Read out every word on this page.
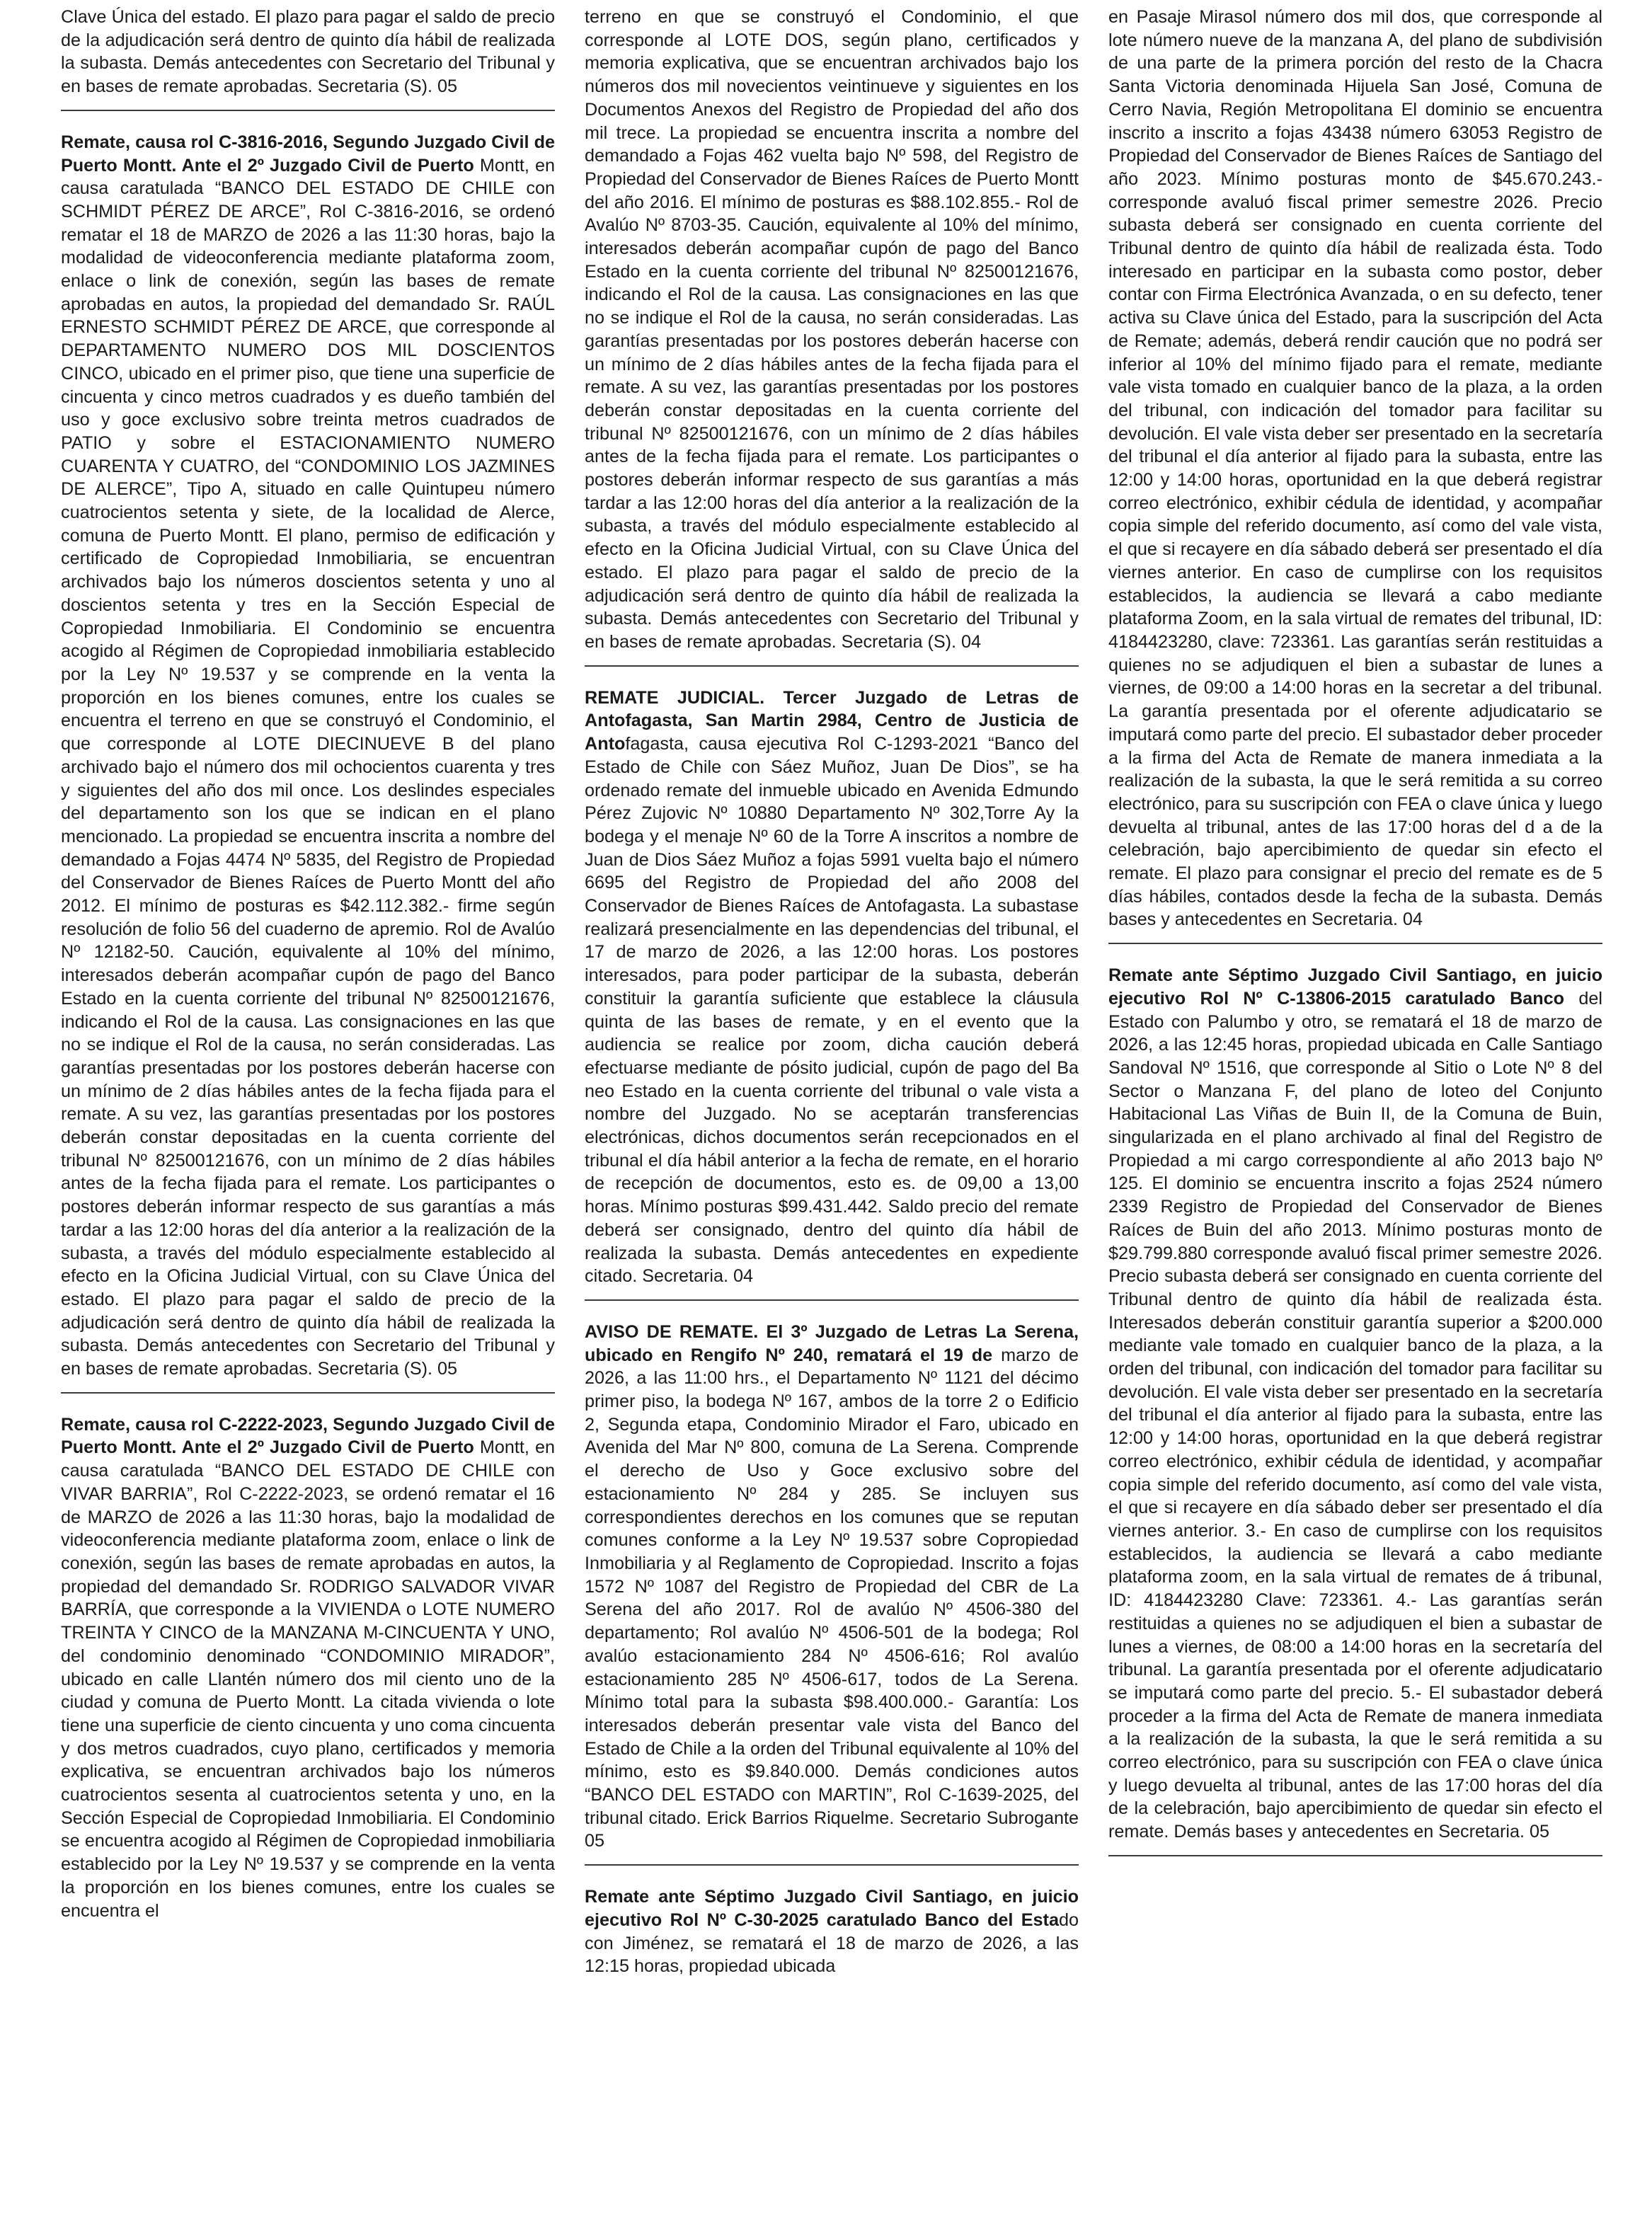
Clave Única del estado. El plazo para pagar el saldo de precio de la adjudicación será dentro de quinto día hábil de realizada la subasta. Demás antecedentes con Secretario del Tribunal y en bases de remate aprobadas. Secretaria (S). 05
Remate, causa rol C-3816-2016, Segundo Juzgado Civil de Puerto Montt. Ante el 2º Juzgado Civil de Puerto Montt, en causa caratulada “BANCO DEL ESTADO DE CHILE con SCHMIDT PÉREZ DE ARCE”, Rol C-3816-2016, se ordenó rematar el 18 de MARZO de 2026 a las 11:30 horas, bajo la modalidad de videoconferencia mediante plataforma zoom, enlace o link de conexión, según las bases de remate aprobadas en autos, la propiedad del demandado Sr. RAÚL ERNESTO SCHMIDT PÉREZ DE ARCE, que corresponde al DEPARTAMENTO NUMERO DOS MIL DOSCIENTOS CINCO, ubicado en el primer piso, que tiene una superficie de cincuenta y cinco metros cuadrados y es dueño también del uso y goce exclusivo sobre treinta metros cuadrados de PATIO y sobre el ESTACIONAMIENTO NUMERO CUARENTA Y CUATRO, del “CONDOMINIO LOS JAZMINES DE ALERCE”, Tipo A, situado en calle Quintupeu número cuatrocientos setenta y siete, de la localidad de Alerce, comuna de Puerto Montt. El plano, permiso de edificación y certificado de Copropiedad Inmobiliaria, se encuentran archivados bajo los números doscientos setenta y uno al doscientos setenta y tres en la Sección Especial de Copropiedad Inmobiliaria. El Condominio se encuentra acogido al Régimen de Copropiedad inmobiliaria establecido por la Ley Nº 19.537 y se comprende en la venta la proporción en los bienes comunes, entre los cuales se encuentra el terreno en que se construyó el Condominio, el que corresponde al LOTE DIECINUEVE B del plano archivado bajo el número dos mil ochocientos cuarenta y tres y siguientes del año dos mil once. Los deslindes especiales del departamento son los que se indican en el plano mencionado. La propiedad se encuentra inscrita a nombre del demandado a Fojas 4474 Nº 5835, del Registro de Propiedad del Conservador de Bienes Raíces de Puerto Montt del año 2012. El mínimo de posturas es $42.112.382.- firme según resolución de folio 56 del cuaderno de apremio. Rol de Avalúo Nº 12182-50. Caución, equivalente al 10% del mínimo, interesados deberán acompañar cupón de pago del Banco Estado en la cuenta corriente del tribunal Nº 82500121676, indicando el Rol de la causa. Las consignaciones en las que no se indique el Rol de la causa, no serán consideradas. Las garantías presentadas por los postores deberán hacerse con un mínimo de 2 días hábiles antes de la fecha fijada para el remate. A su vez, las garantías presentadas por los postores deberán constar depositadas en la cuenta corriente del tribunal Nº 82500121676, con un mínimo de 2 días hábiles antes de la fecha fijada para el remate. Los participantes o postores deberán informar respecto de sus garantías a más tardar a las 12:00 horas del día anterior a la realización de la subasta, a través del módulo especialmente establecido al efecto en la Oficina Judicial Virtual, con su Clave Única del estado. El plazo para pagar el saldo de precio de la adjudicación será dentro de quinto día hábil de realizada la subasta. Demás antecedentes con Secretario del Tribunal y en bases de remate aprobadas. Secretaria (S). 05
Remate, causa rol C-2222-2023, Segundo Juzgado Civil de Puerto Montt. Ante el 2º Juzgado Civil de Puerto Montt, en causa caratulada “BANCO DEL ESTADO DE CHILE con VIVAR BARRIA”, Rol C-2222-2023, se ordenó rematar el 16 de MARZO de 2026 a las 11:30 horas, bajo la modalidad de videoconferencia mediante plataforma zoom, enlace o link de conexión, según las bases de remate aprobadas en autos, la propiedad del demandado Sr. RODRIGO SALVADOR VIVAR BARRÍA, que corresponde a la VIVIENDA o LOTE NUMERO TREINTA Y CINCO de la MANZANA M-CINCUENTA Y UNO, del condominio denominado “CONDOMINIO MIRADOR”, ubicado en calle Llantén número dos mil ciento uno de la ciudad y comuna de Puerto Montt. La citada vivienda o lote tiene una superficie de ciento cincuenta y uno coma cincuenta y dos metros cuadrados, cuyo plano, certificados y memoria explicativa, se encuentran archivados bajo los números cuatrocientos sesenta al cuatrocientos setenta y uno, en la Sección Especial de Copropiedad Inmobiliaria. El Condominio se encuentra acogido al Régimen de Copropiedad inmobiliaria establecido por la Ley Nº 19.537 y se comprende en la venta la proporción en los bienes comunes, entre los cuales se encuentra el
terreno en que se construyó el Condominio, el que corresponde al LOTE DOS, según plano, certificados y memoria explicativa, que se encuentran archivados bajo los números dos mil novecientos veintinueve y siguientes en los Documentos Anexos del Registro de Propiedad del año dos mil trece. La propiedad se encuentra inscrita a nombre del demandado a Fojas 462 vuelta bajo Nº 598, del Registro de Propiedad del Conservador de Bienes Raíces de Puerto Montt del año 2016. El mínimo de posturas es $88.102.855.- Rol de Avalúo Nº 8703-35. Caución, equivalente al 10% del mínimo, interesados deberán acompañar cupón de pago del Banco Estado en la cuenta corriente del tribunal Nº 82500121676, indicando el Rol de la causa. Las consignaciones en las que no se indique el Rol de la causa, no serán consideradas. Las garantías presentadas por los postores deberán hacerse con un mínimo de 2 días hábiles antes de la fecha fijada para el remate. A su vez, las garantías presentadas por los postores deberán constar depositadas en la cuenta corriente del tribunal Nº 82500121676, con un mínimo de 2 días hábiles antes de la fecha fijada para el remate. Los participantes o postores deberán informar respecto de sus garantías a más tardar a las 12:00 horas del día anterior a la realización de la subasta, a través del módulo especialmente establecido al efecto en la Oficina Judicial Virtual, con su Clave Única del estado. El plazo para pagar el saldo de precio de la adjudicación será dentro de quinto día hábil de realizada la subasta. Demás antecedentes con Secretario del Tribunal y en bases de remate aprobadas. Secretaria (S). 04
REMATE JUDICIAL. Tercer Juzgado de Letras de Antofagasta, San Martin 2984, Centro de Justicia de Antofagasta, causa ejecutiva Rol C-1293-2021 “Banco del Estado de Chile con Sáez Muñoz, Juan De Dios”, se ha ordenado remate del inmueble ubicado en Avenida Edmundo Pérez Zujovic Nº 10880 Departamento Nº 302,Torre Ay la bodega y el menaje Nº 60 de la Torre A inscritos a nombre de Juan de Dios Sáez Muñoz a fojas 5991 vuelta bajo el número 6695 del Registro de Propiedad del año 2008 del Conservador de Bienes Raíces de Antofagasta. La subastase realizará presencialmente en las dependencias del tribunal, el 17 de marzo de 2026, a las 12:00 horas. Los postores interesados, para poder participar de la subasta, deberán constituir la garantía suficiente que establece la cláusula quinta de las bases de remate, y en el evento que la audiencia se realice por zoom, dicha caución deberá efectuarse mediante de pósito judicial, cupón de pago del Ba neo Estado en la cuenta corriente del tribunal o vale vista a nombre del Juzgado. No se aceptarán transferencias electrónicas, dichos documentos serán recepcionados en el tribunal el día hábil anterior a la fecha de remate, en el horario de recepción de documentos, esto es. de 09,00 a 13,00 horas. Mínimo posturas $99.431.442. Saldo precio del remate deberá ser consignado, dentro del quinto día hábil de realizada la subasta. Demás antecedentes en expediente citado. Secretaria. 04
AVISO DE REMATE. El 3º Juzgado de Letras La Serena, ubicado en Rengifo Nº 240, rematará el 19 de marzo de 2026, a las 11:00 hrs., el Departamento Nº 1121 del décimo primer piso, la bodega Nº 167, ambos de la torre 2 o Edificio 2, Segunda etapa, Condominio Mirador el Faro, ubicado en Avenida del Mar Nº 800, comuna de La Serena. Comprende el derecho de Uso y Goce exclusivo sobre del estacionamiento Nº 284 y 285. Se incluyen sus correspondientes derechos en los comunes que se reputan comunes conforme a la Ley Nº 19.537 sobre Copropiedad Inmobiliaria y al Reglamento de Copropiedad. Inscrito a fojas 1572 Nº 1087 del Registro de Propiedad del CBR de La Serena del año 2017. Rol de avalúo Nº 4506-380 del departamento; Rol avalúo Nº 4506-501 de la bodega; Rol avalúo estacionamiento 284 Nº 4506-616; Rol avalúo estacionamiento 285 Nº 4506-617, todos de La Serena. Mínimo total para la subasta $98.400.000.- Garantía: Los interesados deberán presentar vale vista del Banco del Estado de Chile a la orden del Tribunal equivalente al 10% del mínimo, esto es $9.840.000. Demás condiciones autos “BANCO DEL ESTADO con MARTIN”, Rol C-1639-2025, del tribunal citado. Erick Barrios Riquelme. Secretario Subrogante 05
Remate ante Séptimo Juzgado Civil Santiago, en juicio ejecutivo Rol Nº C-30-2025 caratulado Banco del Estado con Jiménez, se rematará el 18 de marzo de 2026, a las 12:15 horas, propiedad ubicada
en Pasaje Mirasol número dos mil dos, que corresponde al lote número nueve de la manzana A, del plano de subdivisión de una parte de la primera porción del resto de la Chacra Santa Victoria denominada Hijuela San José, Comuna de Cerro Navia, Región Metropolitana El dominio se encuentra inscrito a inscrito a fojas 43438 número 63053 Registro de Propiedad del Conservador de Bienes Raíces de Santiago del año 2023. Mínimo posturas monto de $45.670.243.- corresponde avaluó fiscal primer semestre 2026. Precio subasta deberá ser consignado en cuenta corriente del Tribunal dentro de quinto día hábil de realizada ésta. Todo interesado en participar en la subasta como postor, deber contar con Firma Electrónica Avanzada, o en su defecto, tener activa su Clave única del Estado, para la suscripción del Acta de Remate; además, deberá rendir caución que no podrá ser inferior al 10% del mínimo fijado para el remate, mediante vale vista tomado en cualquier banco de la plaza, a la orden del tribunal, con indicación del tomador para facilitar su devolución. El vale vista deber ser presentado en la secretaría del tribunal el día anterior al fijado para la subasta, entre las 12:00 y 14:00 horas, oportunidad en la que deberá registrar correo electrónico, exhibir cédula de identidad, y acompañar copia simple del referido documento, así como del vale vista, el que si recayere en día sábado deberá ser presentado el día viernes anterior. En caso de cumplirse con los requisitos establecidos, la audiencia se llevará a cabo mediante plataforma Zoom, en la sala virtual de remates del tribunal, ID: 4184423280, clave: 723361. Las garantías serán restituidas a quienes no se adjudiquen el bien a subastar de lunes a viernes, de 09:00 a 14:00 horas en la secretar a del tribunal. La garantía presentada por el oferente adjudicatario se imputará como parte del precio. El subastador deber proceder a la firma del Acta de Remate de manera inmediata a la realización de la subasta, la que le será remitida a su correo electrónico, para su suscripción con FEA o clave única y luego devuelta al tribunal, antes de las 17:00 horas del d a de la celebración, bajo apercibimiento de quedar sin efecto el remate. El plazo para consignar el precio del remate es de 5 días hábiles, contados desde la fecha de la subasta. Demás bases y antecedentes en Secretaria. 04
Remate ante Séptimo Juzgado Civil Santiago, en juicio ejecutivo Rol Nº C-13806-2015 caratulado Banco del Estado con Palumbo y otro, se rematará el 18 de marzo de 2026, a las 12:45 horas, propiedad ubicada en Calle Santiago Sandoval Nº 1516, que corresponde al Sitio o Lote Nº 8 del Sector o Manzana F, del plano de loteo del Conjunto Habitacional Las Viñas de Buin II, de la Comuna de Buin, singularizada en el plano archivado al final del Registro de Propiedad a mi cargo correspondiente al año 2013 bajo Nº 125. El dominio se encuentra inscrito a fojas 2524 número 2339 Registro de Propiedad del Conservador de Bienes Raíces de Buin del año 2013. Mínimo posturas monto de $29.799.880 corresponde avaluó fiscal primer semestre 2026. Precio subasta deberá ser consignado en cuenta corriente del Tribunal dentro de quinto día hábil de realizada ésta. Interesados deberán constituir garantía superior a $200.000 mediante vale tomado en cualquier banco de la plaza, a la orden del tribunal, con indicación del tomador para facilitar su devolución. El vale vista deber ser presentado en la secretaría del tribunal el día anterior al fijado para la subasta, entre las 12:00 y 14:00 horas, oportunidad en la que deberá registrar correo electrónico, exhibir cédula de identidad, y acompañar copia simple del referido documento, así como del vale vista, el que si recayere en día sábado deber ser presentado el día viernes anterior. 3.- En caso de cumplirse con los requisitos establecidos, la audiencia se llevará a cabo mediante plataforma zoom, en la sala virtual de remates de á tribunal, ID: 4184423280 Clave: 723361. 4.- Las garantías serán restituidas a quienes no se adjudiquen el bien a subastar de lunes a viernes, de 08:00 a 14:00 horas en la secretaría del tribunal. La garantía presentada por el oferente adjudicatario se imputará como parte del precio. 5.- El subastador deberá proceder a la firma del Acta de Remate de manera inmediata a la realización de la subasta, la que le será remitida a su correo electrónico, para su suscripción con FEA o clave única y luego devuelta al tribunal, antes de las 17:00 horas del día de la celebración, bajo apercibimiento de quedar sin efecto el remate. Demás bases y antecedentes en Secretaria. 05
